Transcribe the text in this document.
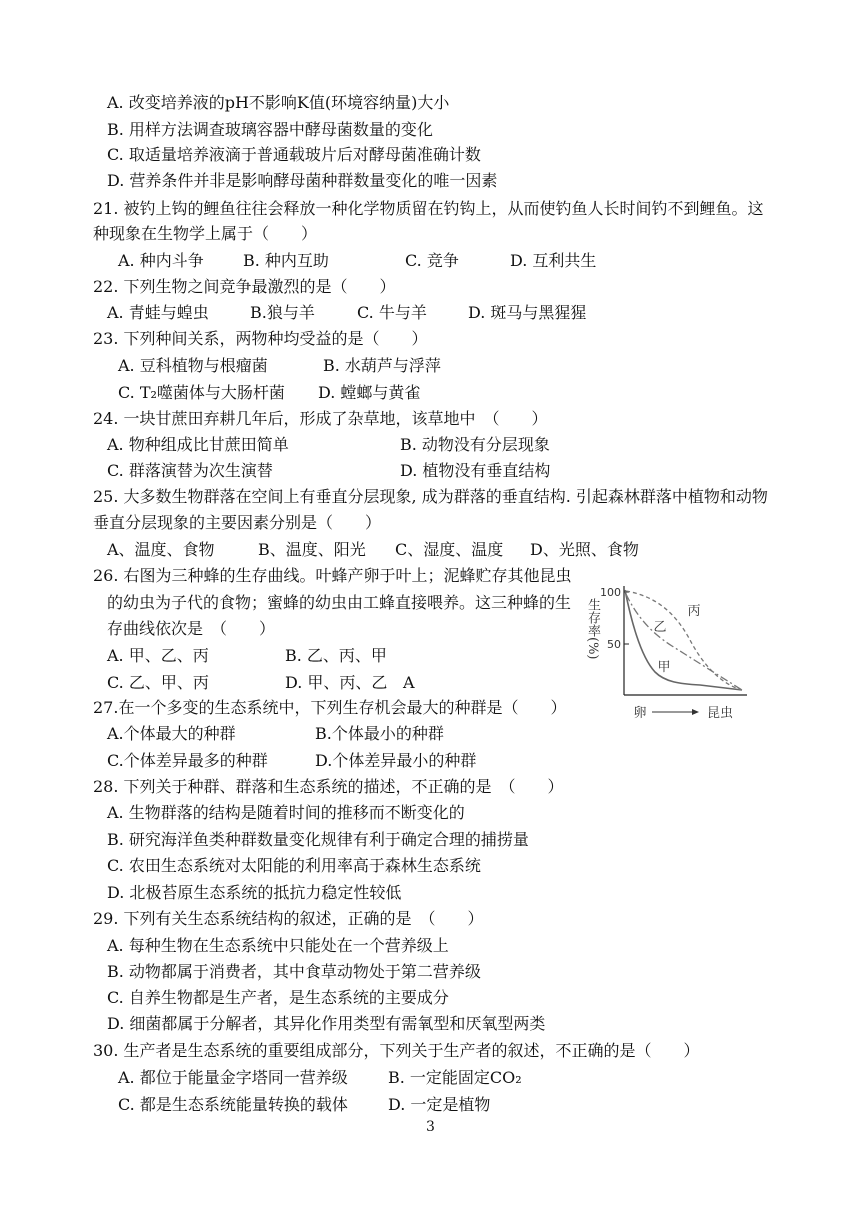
A. 改变培养液的pH不影响K值(环境容纳量)大小
B. 用样方法调查玻璃容器中酵母菌数量的变化
C. 取适量培养液滴于普通载玻片后对酵母菌准确计数
D. 营养条件并非是影响酵母菌种群数量变化的唯一因素
21. 被钓上钩的鲤鱼往往会释放一种化学物质留在钓钩上，从而使钓鱼人长时间钓不到鲤鱼。这
种现象在生物学上属于（　　）
A. 种内斗争 B. 种内互助	C. 竞争	D. 互利共生
22. 下列生物之间竞争最激烈的是（　　）
A. 青蛙与蝗虫	B.狼与羊	C. 牛与羊	D. 斑马与黑猩猩
23. 下列种间关系，两物种均受益的是（　　）
A. 豆科植物与根瘤菌	B. 水葫芦与浮萍
C. T₂噬菌体与大肠杆菌 D. 螳螂与黄雀
24. 一块甘蔗田弃耕几年后，形成了杂草地，该草地中　（　　）
A. 物种组成比甘蔗田简单	B. 动物没有分层现象
C. 群落演替为次生演替	D. 植物没有垂直结构
25. 大多数生物群落在空间上有垂直分层现象, 成为群落的垂直结构. 引起森林群落中植物和动物
垂直分层现象的主要因素分别是（　　）
A、温度、食物	B、温度、阳光 C、湿度、温度 D、光照、食物
26. 右图为三种蜂的生存曲线。叶蜂产卵于叶上；泥蜂贮存其他昆虫
的幼虫为子代的食物；蜜蜂的幼虫由工蜂直接喂养。这三种蜂的生
存曲线依次是　（　　）
A. 甲、乙、丙	B. 乙、丙、甲
C. 乙、甲、丙	D. 甲、丙、乙 A
生存率(%)
100
50
丙
乙
甲
卵	昆虫
27.在一个多变的生态系统中，下列生存机会最大的种群是（　　）
A.个体最大的种群	B.个体最小的种群
C.个体差异最多的种群	D.个体差异最小的种群
28. 下列关于种群、群落和生态系统的描述，不正确的是　（　　）
A. 生物群落的结构是随着时间的推移而不断变化的
B. 研究海洋鱼类种群数量变化规律有利于确定合理的捕捞量
C. 农田生态系统对太阳能的利用率高于森林生态系统
D. 北极苔原生态系统的抵抗力稳定性较低
29. 下列有关生态系统结构的叙述，正确的是　（　　）
A. 每种生物在生态系统中只能处在一个营养级上
B. 动物都属于消费者，其中食草动物处于第二营养级
C. 自养生物都是生产者，是生态系统的主要成分
D. 细菌都属于分解者，其异化作用类型有需氧型和厌氧型两类
30. 生产者是生态系统的重要组成部分，下列关于生产者的叙述，不正确的是（　　）
A. 都位于能量金字塔同一营养级	B. 一定能固定CO₂
C. 都是生态系统能量转换的载体	D. 一定是植物
3
